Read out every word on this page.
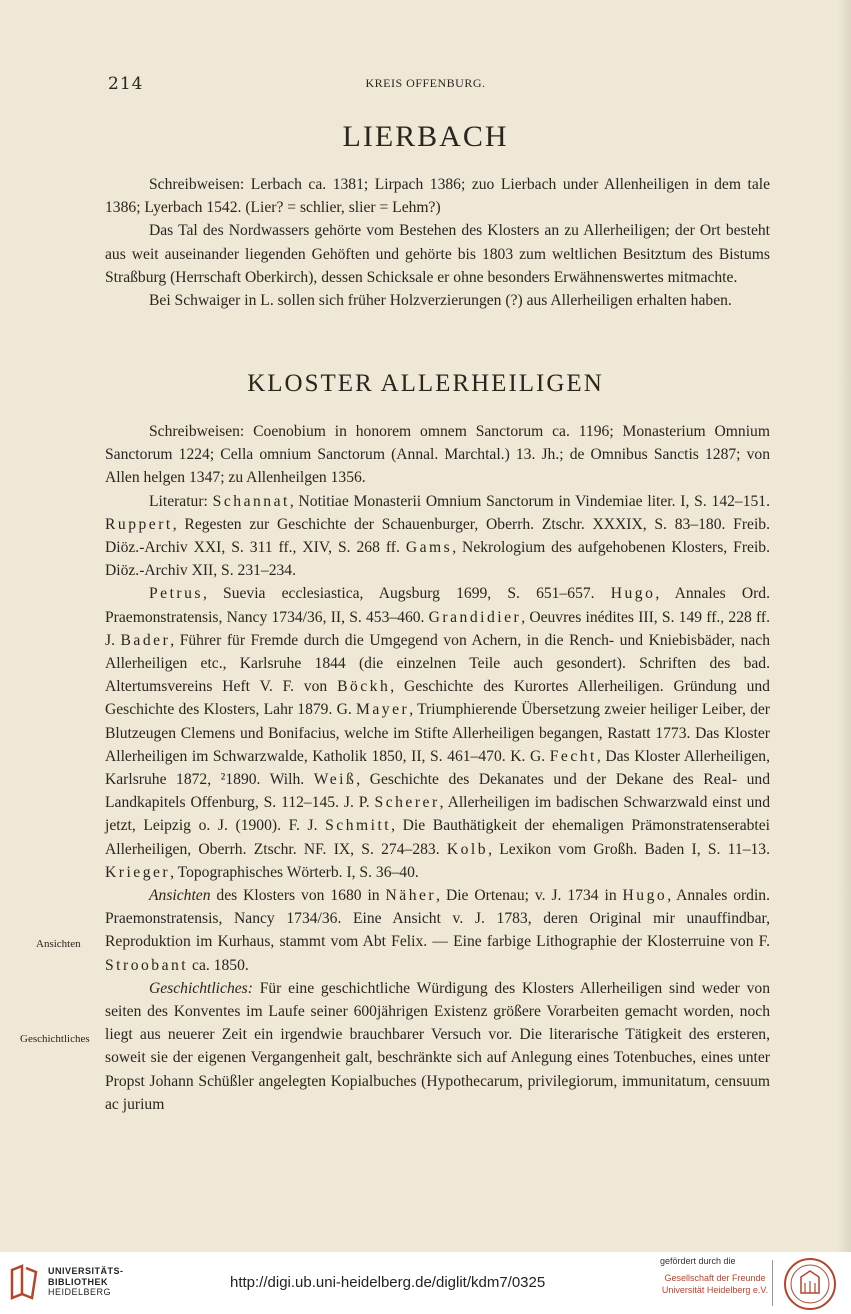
214	KREIS OFFENBURG.
LIERBACH

Schreibweisen: Lerbach ca. 1381; Lirpach 1386; zuo Lierbach under Allenheiligen in dem tale 1386; Lyerbach 1542. (Lier? = schlier, slier = Lehm?)

Das Tal des Nordwassers gehörte vom Bestehen des Klosters an zu Allerheiligen; der Ort besteht aus weit auseinander liegenden Gehöften und gehörte bis 1803 zum weltlichen Besitztum des Bistums Straßburg (Herrschaft Oberkirch), dessen Schicksale er ohne besonders Erwähnenswertes mitmachte.

Bei Schwaiger in L. sollen sich früher Holzverzierungen (?) aus Allerheiligen erhalten haben.

KLOSTER ALLERHEILIGEN

Schreibweisen: Coenobium in honorem omnem Sanctorum ca. 1196; Monasterium Omnium Sanctorum 1224; Cella omnium Sanctorum (Annal. Marchtal.) 13. Jh.; de Omnibus Sanctis 1287; von Allen helgen 1347; zu Allenheilgen 1356.

Literatur: Schannat, Notitiae Monasterii Omnium Sanctorum in Vindemiae liter. I, S. 142–151. Ruppert, Regesten zur Geschichte der Schauenburger, Oberrh. Ztschr. XXXIX, S. 83–180. Freib. Diöz.-Archiv XXI, S. 311 ff., XIV, S. 268 ff. Gams, Nekrologium des aufgehobenen Klosters, Freib. Diöz.-Archiv XII, S. 231–234.

Petrus, Suevia ecclesiastica, Augsburg 1699, S. 651–657. Hugo, Annales Ord. Praemonstratensis, Nancy 1734/36, II, S. 453–460. Grandidier, Oeuvres inédites III, S. 149 ff., 228 ff. J. Bader, Führer für Fremde durch die Umgegend von Achern, in die Rench- und Kniebisbäder, nach Allerheiligen etc., Karlsruhe 1844 (die einzelnen Teile auch gesondert). Schriften des bad. Altertumsvereins Heft V. F. von Böckh, Geschichte des Kurortes Allerheiligen. Gründung und Geschichte des Klosters, Lahr 1879. G. Mayer, Triumphierende Übersetzung zweier heiliger Leiber, der Blutzeugen Clemens und Bonifacius, welche im Stifte Allerheiligen begangen, Rastatt 1773. Das Kloster Allerheiligen im Schwarzwalde, Katholik 1850, II, S. 461–470. K. G. Fecht, Das Kloster Allerheiligen, Karlsruhe 1872, ²1890. Wilh. Weiß, Geschichte des Dekanates und der Dekane des Real- und Landkapitels Offenburg, S. 112–145. J. P. Scherer, Allerheiligen im badischen Schwarzwald einst und jetzt, Leipzig o. J. (1900). F. J. Schmitt, Die Bauthätigkeit der ehemaligen Prämonstratenserabtei Allerheiligen, Oberrh. Ztschr. NF. IX, S. 274–283. Kolb, Lexikon vom Großh. Baden I, S. 11–13. Krieger, Topographisches Wörterb. I, S. 36–40.

Ansichten des Klosters von 1680 in Näher, Die Ortenau; v. J. 1734 in Hugo, Annales ordin. Praemonstratensis, Nancy 1734/36. Eine Ansicht v. J. 1783, deren Original mir unauffindbar, Reproduktion im Kurhaus, stammt vom Abt Felix. — Eine farbige Lithographie der Klosterruine von F. Stroobant ca. 1850.

Geschichtliches: Für eine geschichtliche Würdigung des Klosters Allerheiligen sind weder von seiten des Konventes im Laufe seiner 600jährigen Existenz größere Vorarbeiten gemacht worden, noch liegt aus neuerer Zeit ein irgendwie brauchbarer Versuch vor. Die literarische Tätigkeit des ersteren, soweit sie der eigenen Vergangenheit galt, beschränkte sich auf Anlegung eines Totenbuches, eines unter Propst Johann Schüßler angelegten Kopialbuches (Hypothecarum, privilegiorum, immunitatum, censuum ac jurium

Ansichten
Geschichtliches
UNIVERSITÄTS-
BIBLIOTHEK
HEIDELBERG
http://digi.ub.uni-heidelberg.de/diglit/kdm7/0325
gefördert durch die
Gesellschaft der Freunde
Universität Heidelberg e.V.
